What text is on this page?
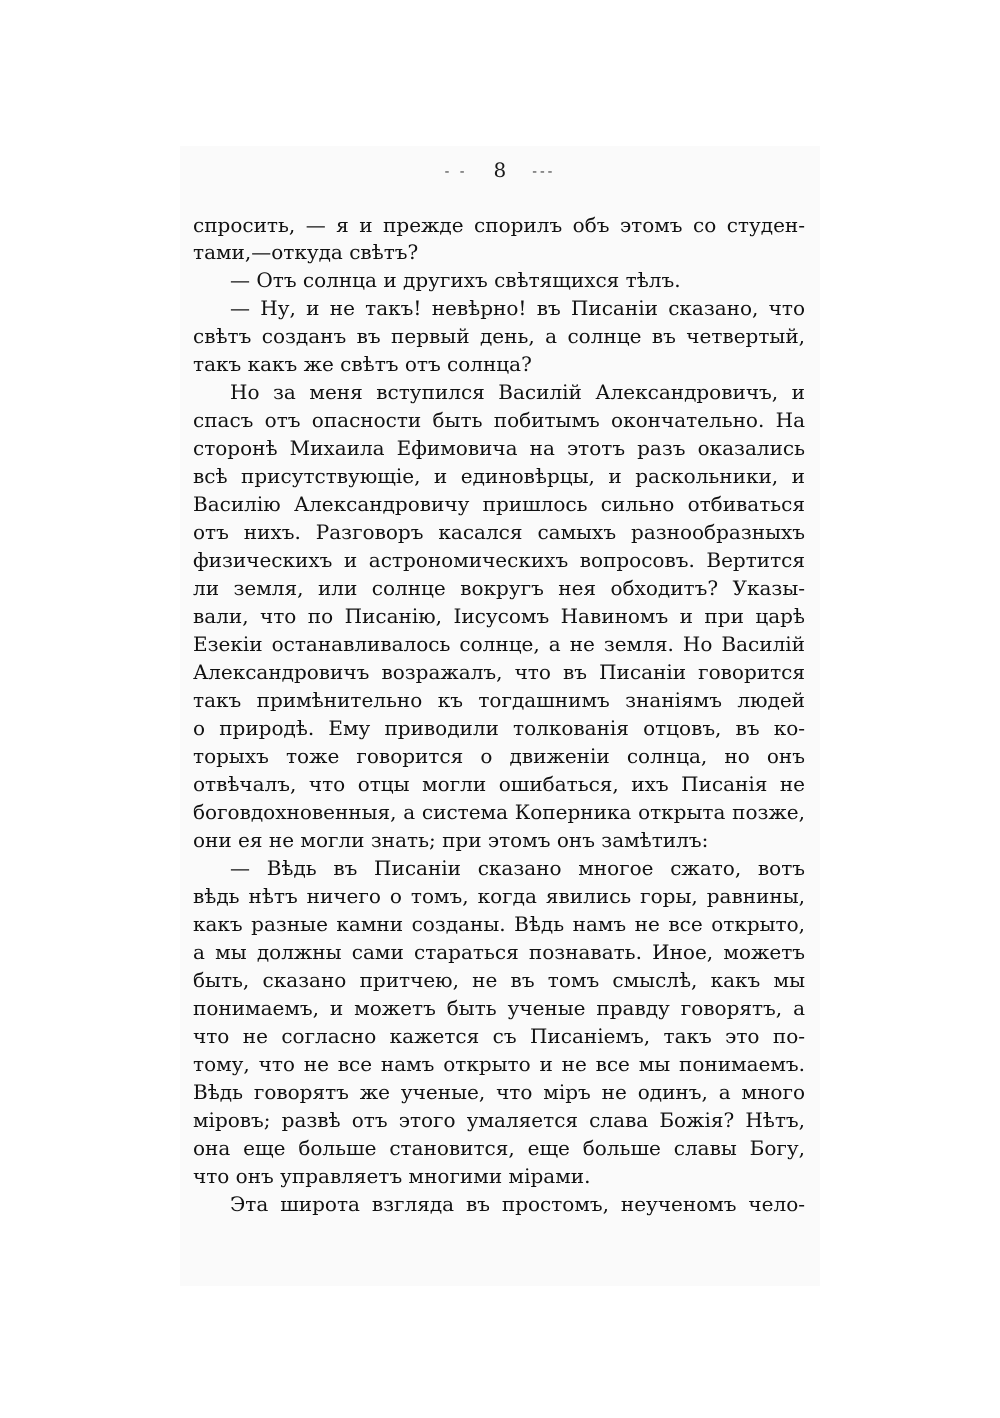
- - 8 ---
спросить, — я и прежде спорилъ объ этомъ со студен-
тами,—откуда свѣтъ?
— Отъ солнца и другихъ свѣтящихся тѣлъ.
— Ну, и не такъ! невѣрно! въ Писаніи сказано, что
свѣтъ созданъ въ первый день, а солнце въ четвертый,
такъ какъ же свѣтъ отъ солнца?
Но за меня вступился Василій Александровичъ, и
спасъ отъ опасности быть побитымъ окончательно. На
сторонѣ Михаила Ефимовича на этотъ разъ оказались
всѣ присутствующіе, и единовѣрцы, и раскольники, и
Василію Александровичу пришлось сильно отбиваться
отъ нихъ. Разговоръ касался самыхъ разнообразныхъ
физическихъ и астрономическихъ вопросовъ. Вертится
ли земля, или солнце вокругъ нея обходитъ? Указы-
вали, что по Писанію, Іисусомъ Навиномъ и при царѣ
Езекіи останавливалось солнце, а не земля. Но Василій
Александровичъ возражалъ, что въ Писаніи говорится
такъ примѣнительно къ тогдашнимъ знаніямъ людей
о природѣ. Ему приводили толкованія отцовъ, въ ко-
торыхъ тоже говорится о движеніи солнца, но онъ
отвѣчалъ, что отцы могли ошибаться, ихъ Писанія не
боговдохновенныя, а система Коперника открыта позже,
они ея не могли знать; при этомъ онъ замѣтилъ:
— Вѣдь въ Писаніи сказано многое сжато, вотъ
вѣдь нѣтъ ничего о томъ, когда явились горы, равнины,
какъ разные камни созданы. Вѣдь намъ не все открыто,
а мы должны сами стараться познавать. Иное, можетъ
быть, сказано притчею, не въ томъ смыслѣ, какъ мы
понимаемъ, и можетъ быть ученые правду говорятъ, а
что не согласно кажется съ Писаніемъ, такъ это по-
тому, что не все намъ открыто и не все мы понимаемъ.
Вѣдь говорятъ же ученые, что міръ не одинъ, а много
міровъ; развѣ отъ этого умаляется слава Божія? Нѣтъ,
она еще больше становится, еще больше славы Богу,
что онъ управляетъ многими мірами.
Эта широта взгляда въ простомъ, неученомъ чело-
